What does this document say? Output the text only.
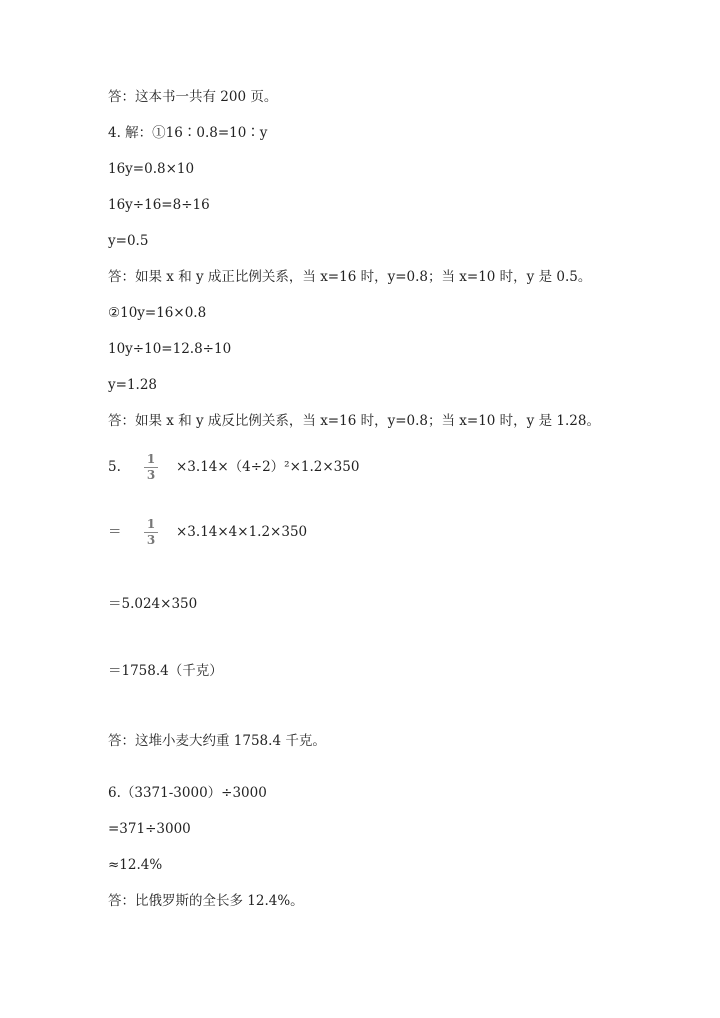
答：这本书一共有 200 页。
4. 解：①16∶0.8=10∶y
16y=0.8×10
16y÷16=8÷16
y=0.5
答：如果 x 和 y 成正比例关系，当 x=16 时，y=0.8；当 x=10 时，y 是 0.5。
②10y=16×0.8
10y÷10=12.8÷10
y=1.28
答：如果 x 和 y 成反比例关系，当 x=16 时，y=0.8；当 x=10 时，y 是 1.28。
5. 1
3 ×3.14×（4÷2）²×1.2×350
＝ 1
3 ×3.14×4×1.2×350
＝5.024×350
＝1758.4（千克）
答：这堆小麦大约重 1758.4 千克。
6.（3371-3000）÷3000
=371÷3000
≈12.4%
答：比俄罗斯的全长多 12.4%。
